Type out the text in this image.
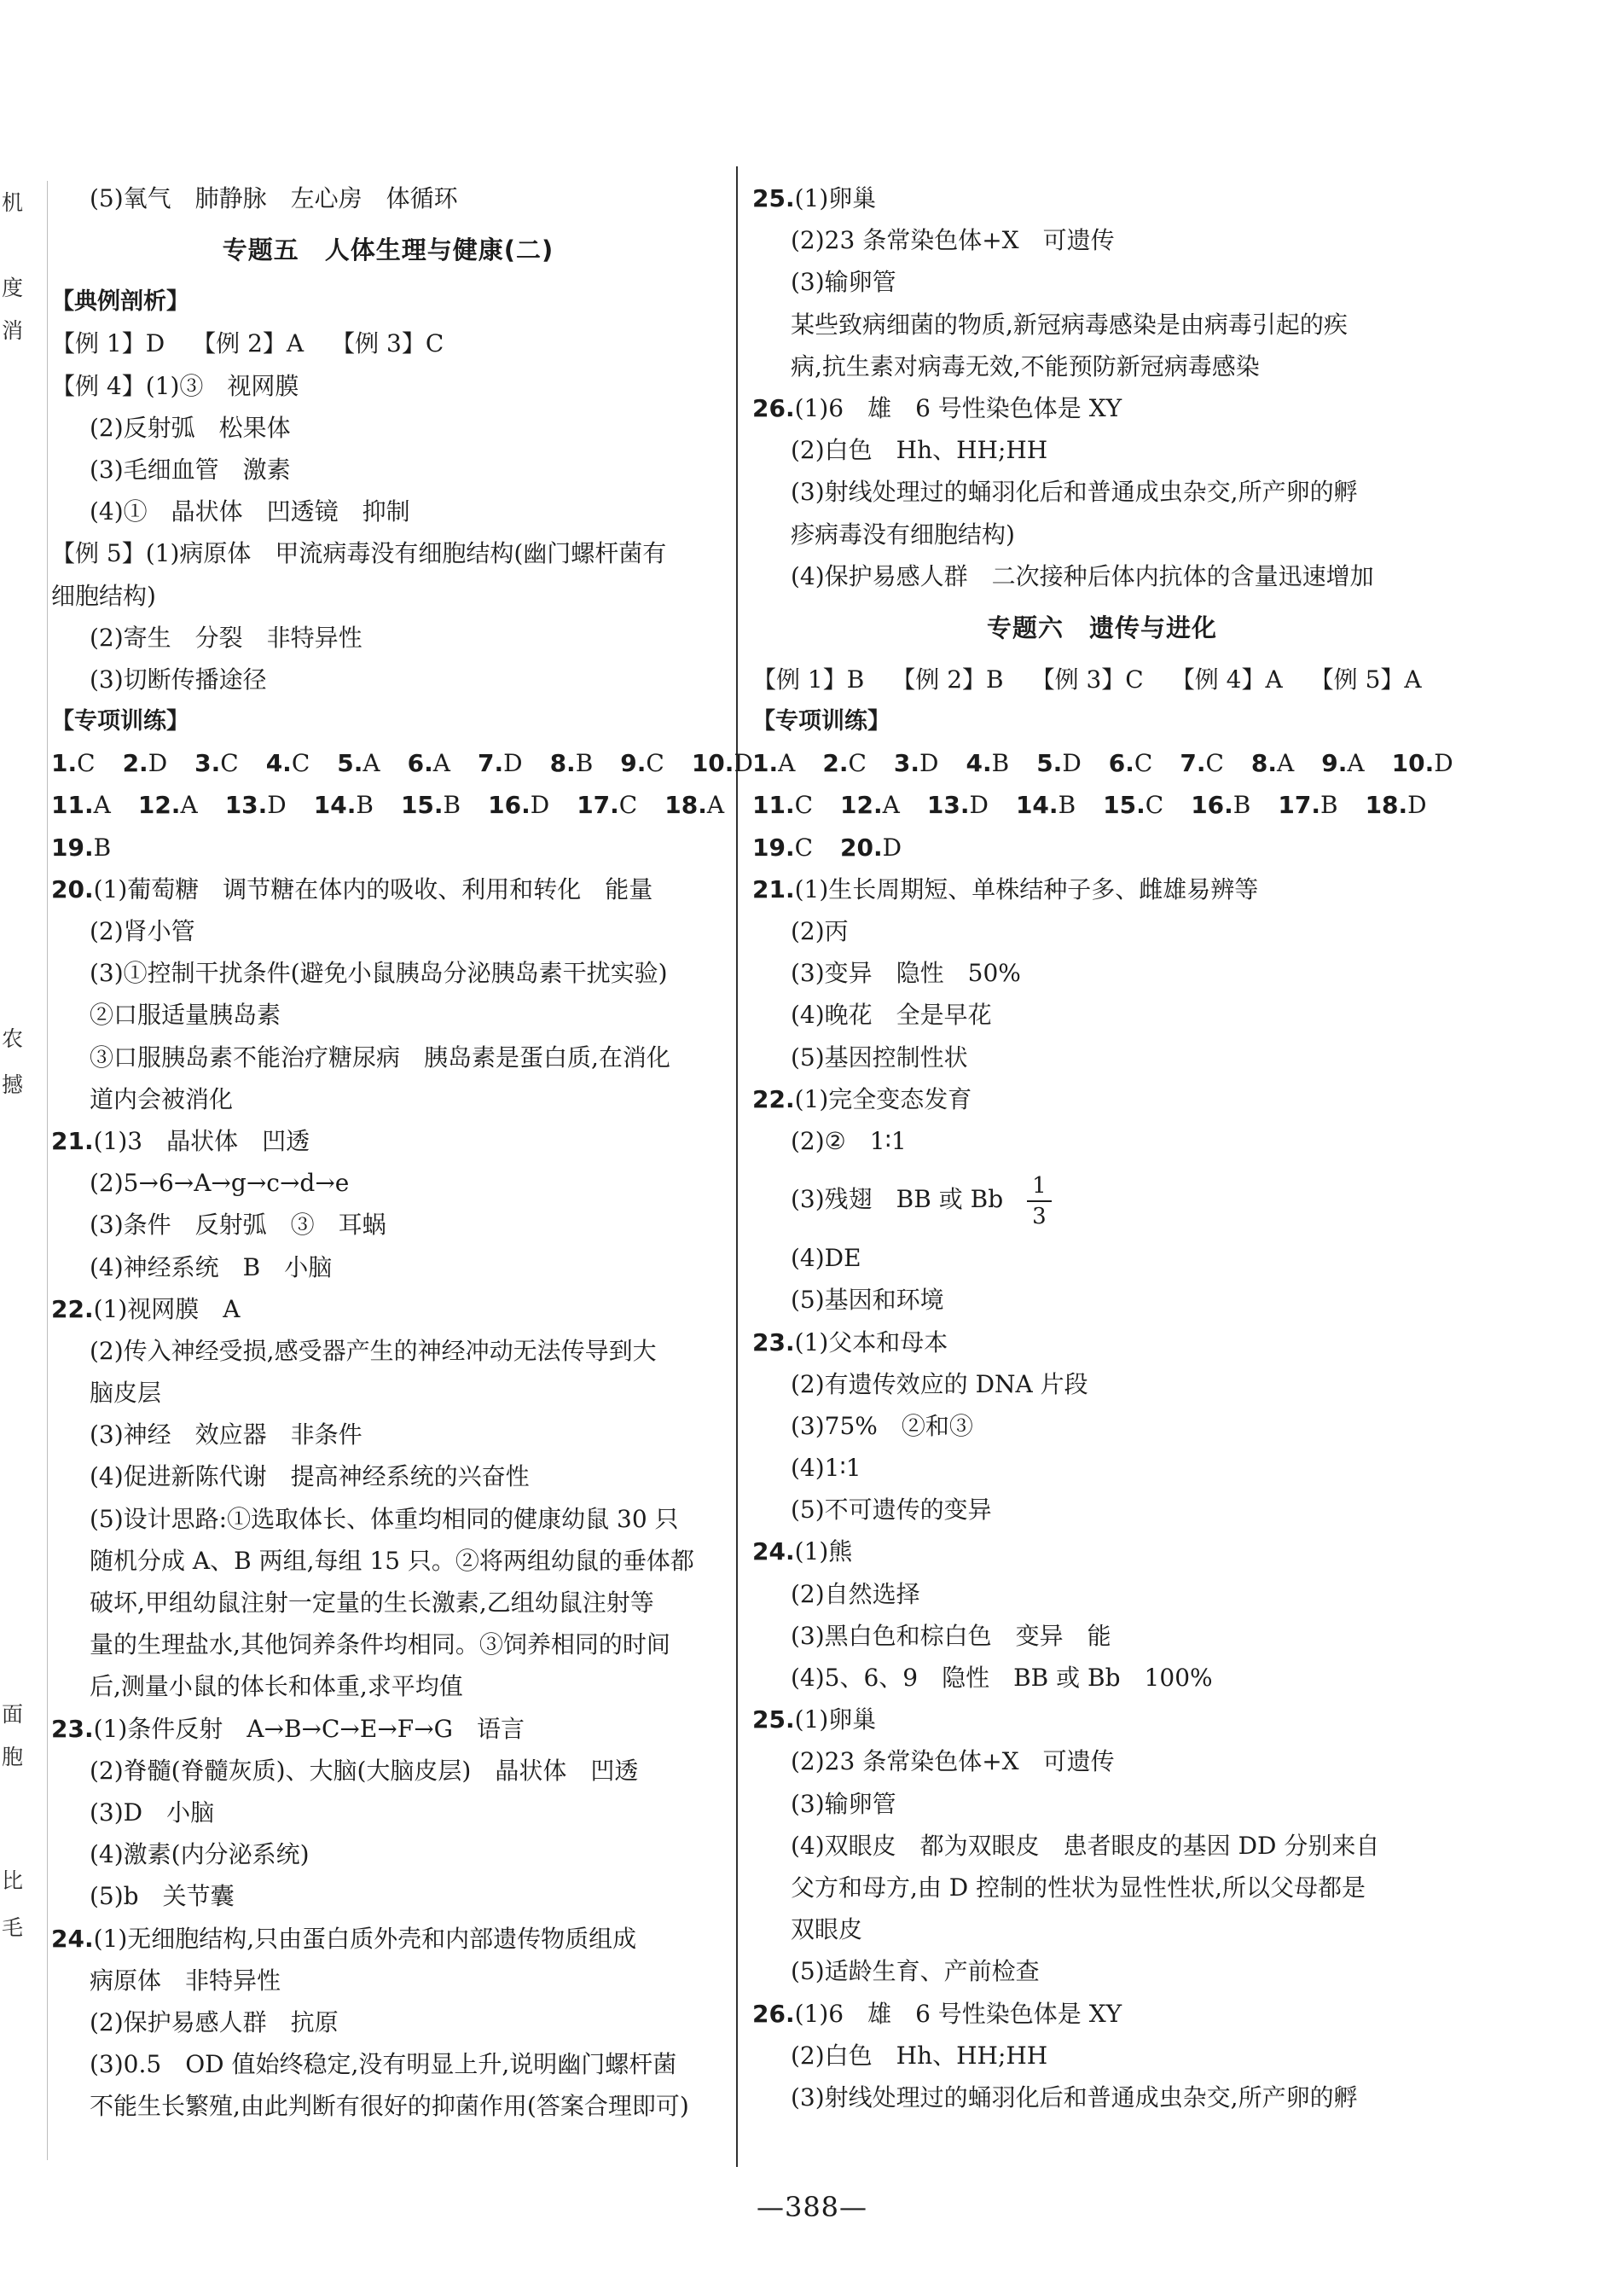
机
度
消
农
撼
面
胞
比
毛
(5)氧气　肺静脉　左心房　体循环
专题五　人体生理与健康(二)
【典例剖析】
【例 1】D 【例 2】A 【例 3】C
【例 4】(1)③　视网膜
(2)反射弧　松果体
(3)毛细血管　激素
(4)①　晶状体　凹透镜　抑制
【例 5】(1)病原体　甲流病毒没有细胞结构(幽门螺杆菌有
细胞结构)
(2)寄生　分裂　非特异性
(3)切断传播途径
【专项训练】
1.C 2.D 3.C 4.C 5.A 6.A 7.D 8.B 9.C 10.D
11.A 12.A 13.D 14.B 15.B 16.D 17.C 18.A
19.B
20.(1)葡萄糖　调节糖在体内的吸收、利用和转化　能量
(2)肾小管
(3)①控制干扰条件(避免小鼠胰岛分泌胰岛素干扰实验)
②口服适量胰岛素
③口服胰岛素不能治疗糖尿病　胰岛素是蛋白质,在消化
道内会被消化
21.(1)3　晶状体　凹透
(2)5→6→A→g→c→d→e
(3)条件　反射弧　③　耳蜗
(4)神经系统　B　小脑
22.(1)视网膜　A
(2)传入神经受损,感受器产生的神经冲动无法传导到大
脑皮层
(3)神经　效应器　非条件
(4)促进新陈代谢　提高神经系统的兴奋性
(5)设计思路:①选取体长、体重均相同的健康幼鼠 30 只
随机分成 A、B 两组,每组 15 只。②将两组幼鼠的垂体都
破坏,甲组幼鼠注射一定量的生长激素,乙组幼鼠注射等
量的生理盐水,其他饲养条件均相同。③饲养相同的时间
后,测量小鼠的体长和体重,求平均值
23.(1)条件反射　A→B→C→E→F→G　语言
(2)脊髓(脊髓灰质)、大脑(大脑皮层)　晶状体　凹透
(3)D　小脑
(4)激素(内分泌系统)
(5)b　关节囊
24.(1)无细胞结构,只由蛋白质外壳和内部遗传物质组成
病原体　非特异性
(2)保护易感人群　抗原
(3)0.5　OD 值始终稳定,没有明显上升,说明幽门螺杆菌
不能生长繁殖,由此判断有很好的抑菌作用(答案合理即可)
25.(1)卵巢
(2)23 条常染色体+X　可遗传
(3)输卵管
某些致病细菌的物质,新冠病毒感染是由病毒引起的疾
病,抗生素对病毒无效,不能预防新冠病毒感染
26.(1)6　雄　6 号性染色体是 XY
(2)白色　Hh、HH;HH
(3)射线处理过的蛹羽化后和普通成虫杂交,所产卵的孵
疹病毒没有细胞结构)
(4)保护易感人群　二次接种后体内抗体的含量迅速增加
专题六　遗传与进化
【例 1】B 【例 2】B 【例 3】C 【例 4】A 【例 5】A
【专项训练】
1.A 2.C 3.D 4.B 5.D 6.C 7.C 8.A 9.A 10.D
11.C 12.A 13.D 14.B 15.C 16.B 17.B 18.D
19.C 20.D
21.(1)生长周期短、单株结种子多、雌雄易辨等
(2)丙
(3)变异　隐性　50%
(4)晚花　全是早花
(5)基因控制性状
22.(1)完全变态发育
(2)②　1∶1
(3)残翅　BB 或 Bb $\frac{1}{3}$
(4)DE
(5)基因和环境
23.(1)父本和母本
(2)有遗传效应的 DNA 片段
(3)75%　②和③
(4)1∶1
(5)不可遗传的变异
24.(1)熊
(2)自然选择
(3)黑白色和棕白色　变异　能
(4)5、6、9　隐性　BB 或 Bb　100%
25.(1)卵巢
(2)23 条常染色体+X　可遗传
(3)输卵管
(4)双眼皮　都为双眼皮　患者眼皮的基因 DD 分别来自
父方和母方,由 D 控制的性状为显性性状,所以父母都是
双眼皮
(5)适龄生育、产前检查
26.(1)6　雄　6 号性染色体是 XY
(2)白色　Hh、HH;HH
(3)射线处理过的蛹羽化后和普通成虫杂交,所产卵的孵
—388—
